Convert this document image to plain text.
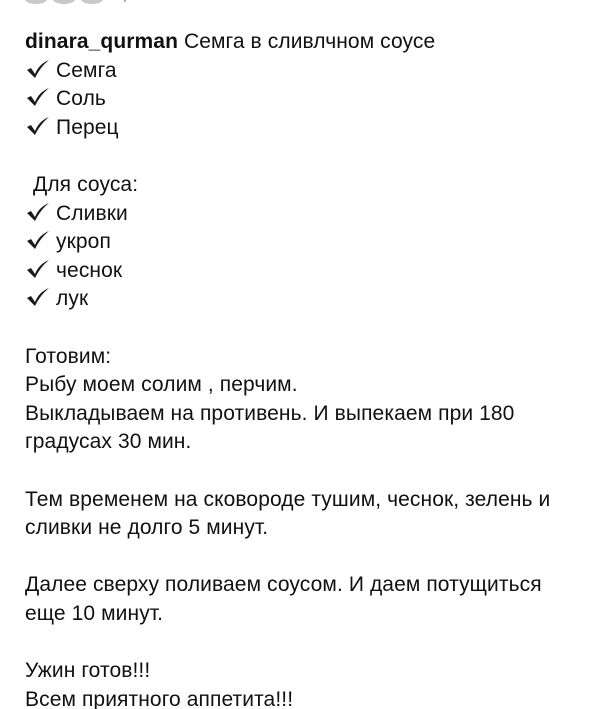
dinara_qurman Семга в сливлчном соусе
Семга
Соль
Перец
Для соуса:
Сливки
укроп
чеснок
лук
Готовим:
Рыбу моем солим , перчим.
Выкладываем на противень. И выпекаем при 180 градусах 30 мин.
Тем временем на сковороде тушим, чеснок, зелень и сливки не долго 5 минут.
Далее сверху поливаем соусом. И даем потущиться еще 10 минут.
Ужин готов!!!
Всем приятного аппетита!!!
